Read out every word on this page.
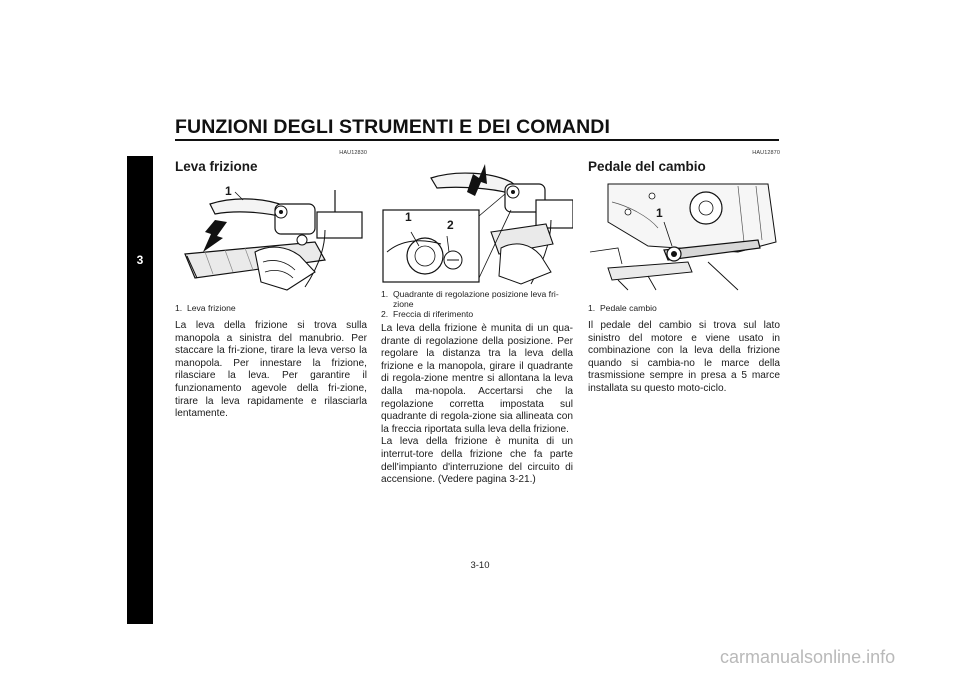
FUNZIONI DEGLI STRUMENTI E DEI COMANDI
3
HAU12830
Leva frizione
1
1.  Leva frizione

La leva della frizione si trova sulla manopola a sinistra del manubrio. Per staccare la fri-zione, tirare la leva verso la manopola. Per innestare la frizione, rilasciare la leva. Per garantire il funzionamento agevole della fri-zione, tirare la leva rapidamente e rilasciarla lentamente.

1
2
1.  Quadrante di regolazione posizione leva fri-
zione
2.  Freccia di riferimento

La leva della frizione è munita di un qua-drante di regolazione della posizione. Per regolare la distanza tra la leva della frizione e la manopola, girare il quadrante di regola-zione mentre si allontana la leva dalla ma-nopola. Accertarsi che la regolazione corretta impostata sul quadrante di regola-zione sia allineata con la freccia riportata sulla leva della frizione.

La leva della frizione è munita di un interrut-tore della frizione che fa parte dell'impianto d'interruzione del circuito di accensione. (Vedere pagina 3-21.)

HAU12870
Pedale del cambio
1
1.  Pedale cambio

Il pedale del cambio si trova sul lato sinistro del motore e viene usato in combinazione con la leva della frizione quando si cambia-no le marce della trasmissione sempre in presa a 5 marce installata su questo moto-ciclo.

3-10
carmanualsonline.info
